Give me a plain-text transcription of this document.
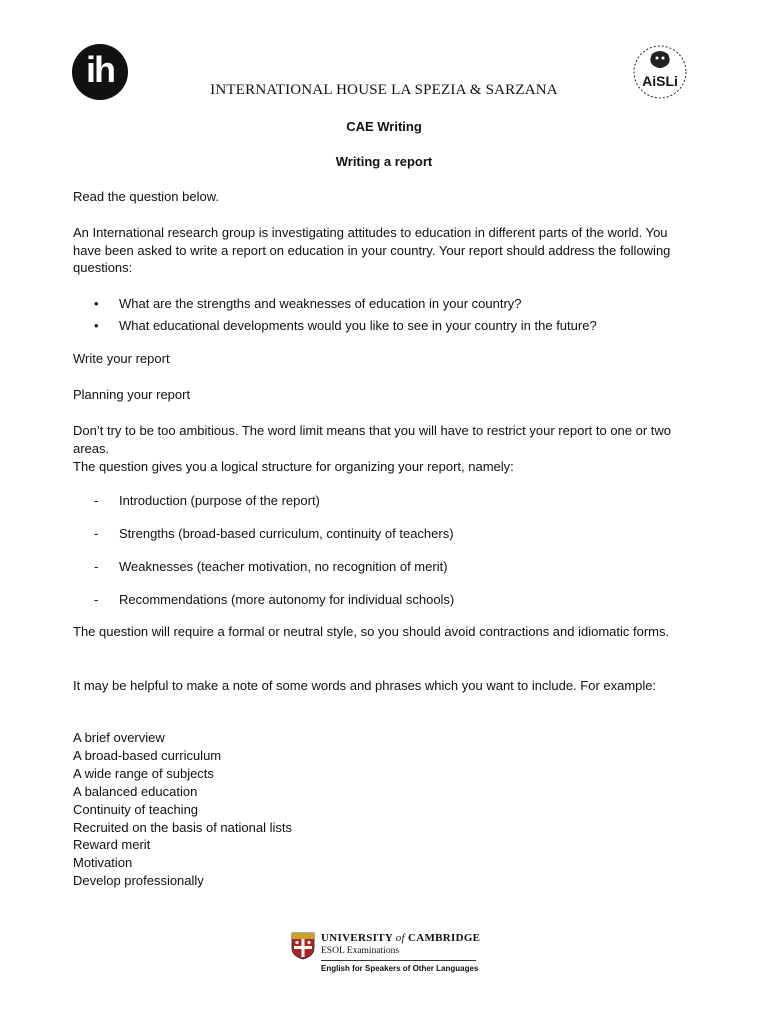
ih	AiSLi
INTERNATIONAL HOUSE LA SPEZIA & SARZANA
CAE Writing
Writing a report
Read the question below.
An International research group is investigating attitudes to education in different parts of the world. You have been asked to write a report on education in your country. Your report should address the following questions:
•	What are the strengths and weaknesses of education in your country?
•	What educational developments would you like to see in your country in the future?
Write your report
Planning your report
Don’t try to be too ambitious. The word limit means that you will have to restrict your report to one or two areas.
The question gives you a logical structure for organizing your report, namely:
-	Introduction (purpose of the report)
-	Strengths (broad-based curriculum, continuity of teachers)
-	Weaknesses (teacher motivation, no recognition of merit)
-	Recommendations (more autonomy for individual schools)
The question will require a formal or neutral style, so you should avoid contractions and idiomatic forms.
It may be helpful to make a note of some words and phrases which you want to include. For example:
A brief overview
A broad-based curriculum
A wide range of subjects
A balanced education
Continuity of teaching
Recruited on the basis of national lists
Reward merit
Motivation
Develop professionally
UNIVERSITY of CAMBRIDGE
ESOL Examinations
English for Speakers of Other Languages
